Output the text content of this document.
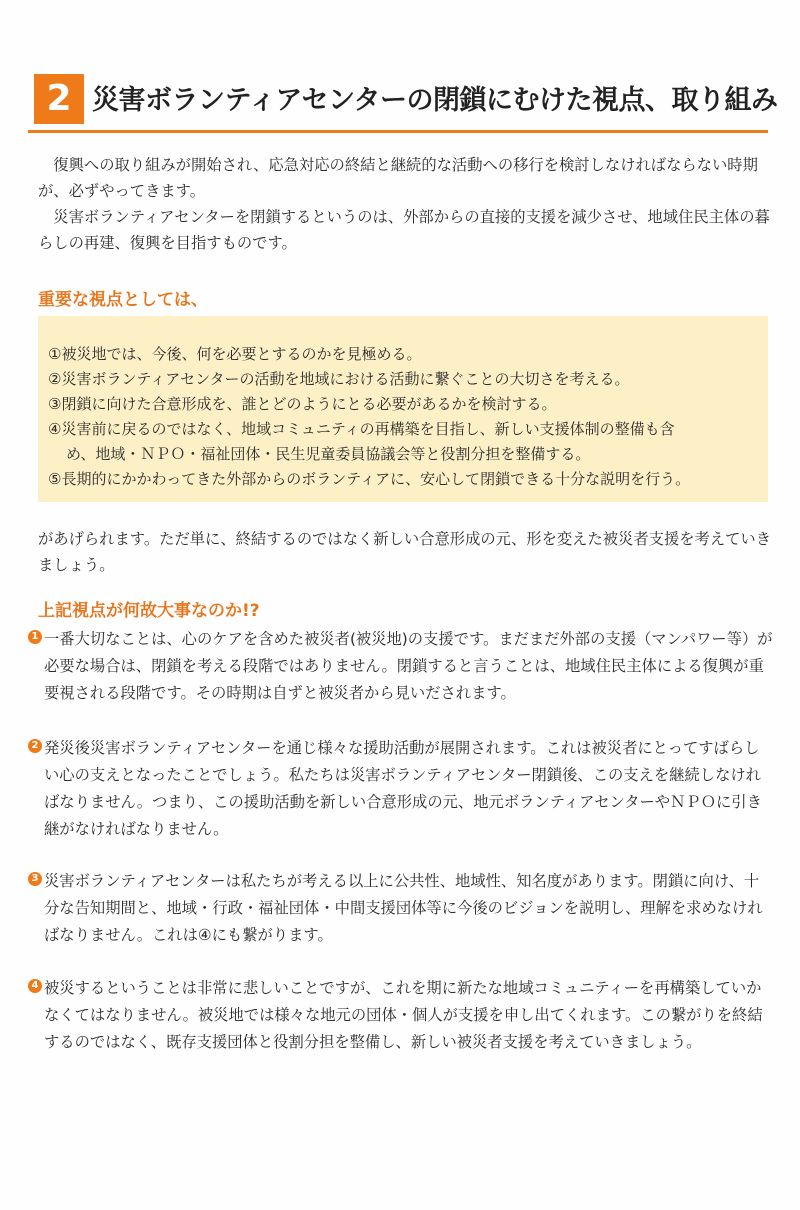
2 災害ボランティアセンターの閉鎖にむけた視点、取り組み

　復興への取り組みが開始され、応急対応の終結と継続的な活動への移行を検討しなければならない時期が、必ずやってきます。

　災害ボランティアセンターを閉鎖するというのは、外部からの直接的支援を減少させ、地域住民主体の暮らしの再建、復興を目指すものです。

重要な視点としては、
①被災地では、今後、何を必要とするのかを見極める。
②災害ボランティアセンターの活動を地域における活動に繋ぐことの大切さを考える。
③閉鎖に向けた合意形成を、誰とどのようにとる必要があるかを検討する。
④災害前に戻るのではなく、地域コミュニティの再構築を目指し、新しい支援体制の整備も含
め、地域・ＮＰＯ・福祉団体・民生児童委員協議会等と役割分担を整備する。
⑤長期的にかかわってきた外部からのボランティアに、安心して閉鎖できる十分な説明を行う。

があげられます。ただ単に、終結するのではなく新しい合意形成の元、形を変えた被災者支援を考えていきましょう。

上記視点が何故大事なのか!?
1 一番大切なことは、心のケアを含めた被災者(被災地)の支援です。まだまだ外部の支援（マンパワー等）が必要な場合は、閉鎖を考える段階ではありません。閉鎖すると言うことは、地域住民主体による復興が重要視される段階です。その時期は自ずと被災者から見いだされます。

2 発災後災害ボランティアセンターを通じ様々な援助活動が展開されます。これは被災者にとってすばらしい心の支えとなったことでしょう。私たちは災害ボランティアセンター閉鎖後、この支えを継続しなければなりません。つまり、この援助活動を新しい合意形成の元、地元ボランティアセンターやＮＰＯに引き継がなければなりません。

3 災害ボランティアセンターは私たちが考える以上に公共性、地域性、知名度があります。閉鎖に向け、十分な告知期間と、地域・行政・福祉団体・中間支援団体等に今後のビジョンを説明し、理解を求めなければなりません。これは④にも繋がります。

4 被災するということは非常に悲しいことですが、これを期に新たな地域コミュニティーを再構築していかなくてはなりません。被災地では様々な地元の団体・個人が支援を申し出てくれます。この繋がりを終結するのではなく、既存支援団体と役割分担を整備し、新しい被災者支援を考えていきましょう。
